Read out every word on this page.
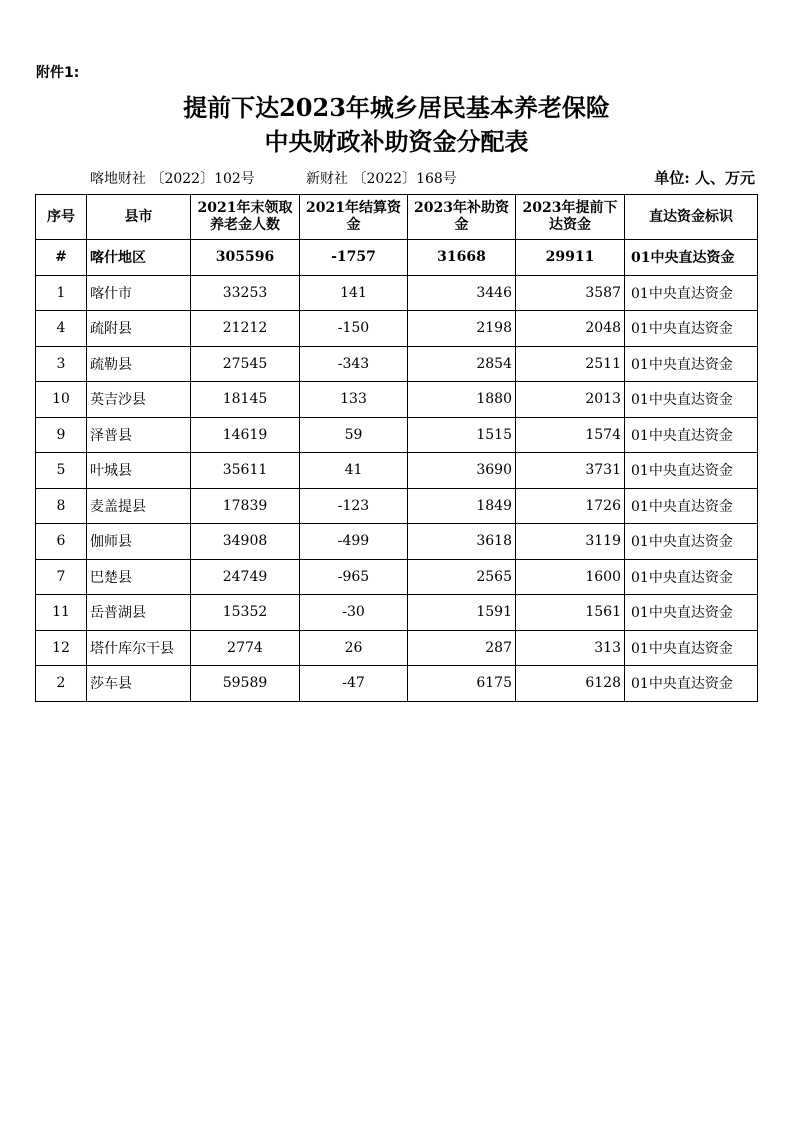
附件1:
提前下达2023年城乡居民基本养老保险
中央财政补助资金分配表
喀地财社 〔2022〕102号	新财社 〔2022〕168号	单位: 人、万元
序号	县市	2021年末领取养老金人数	2021年结算资金	2023年补助资金	2023年提前下达资金	直达资金标识
#	喀什地区	305596	-1757	31668	29911	01中央直达资金
1	喀什市	33253	141	3446	3587	01中央直达资金
4	疏附县	21212	-150	2198	2048	01中央直达资金
3	疏勒县	27545	-343	2854	2511	01中央直达资金
10	英吉沙县	18145	133	1880	2013	01中央直达资金
9	泽普县	14619	59	1515	1574	01中央直达资金
5	叶城县	35611	41	3690	3731	01中央直达资金
8	麦盖提县	17839	-123	1849	1726	01中央直达资金
6	伽师县	34908	-499	3618	3119	01中央直达资金
7	巴楚县	24749	-965	2565	1600	01中央直达资金
11	岳普湖县	15352	-30	1591	1561	01中央直达资金
12	塔什库尔干县	2774	26	287	313	01中央直达资金
2	莎车县	59589	-47	6175	6128	01中央直达资金
